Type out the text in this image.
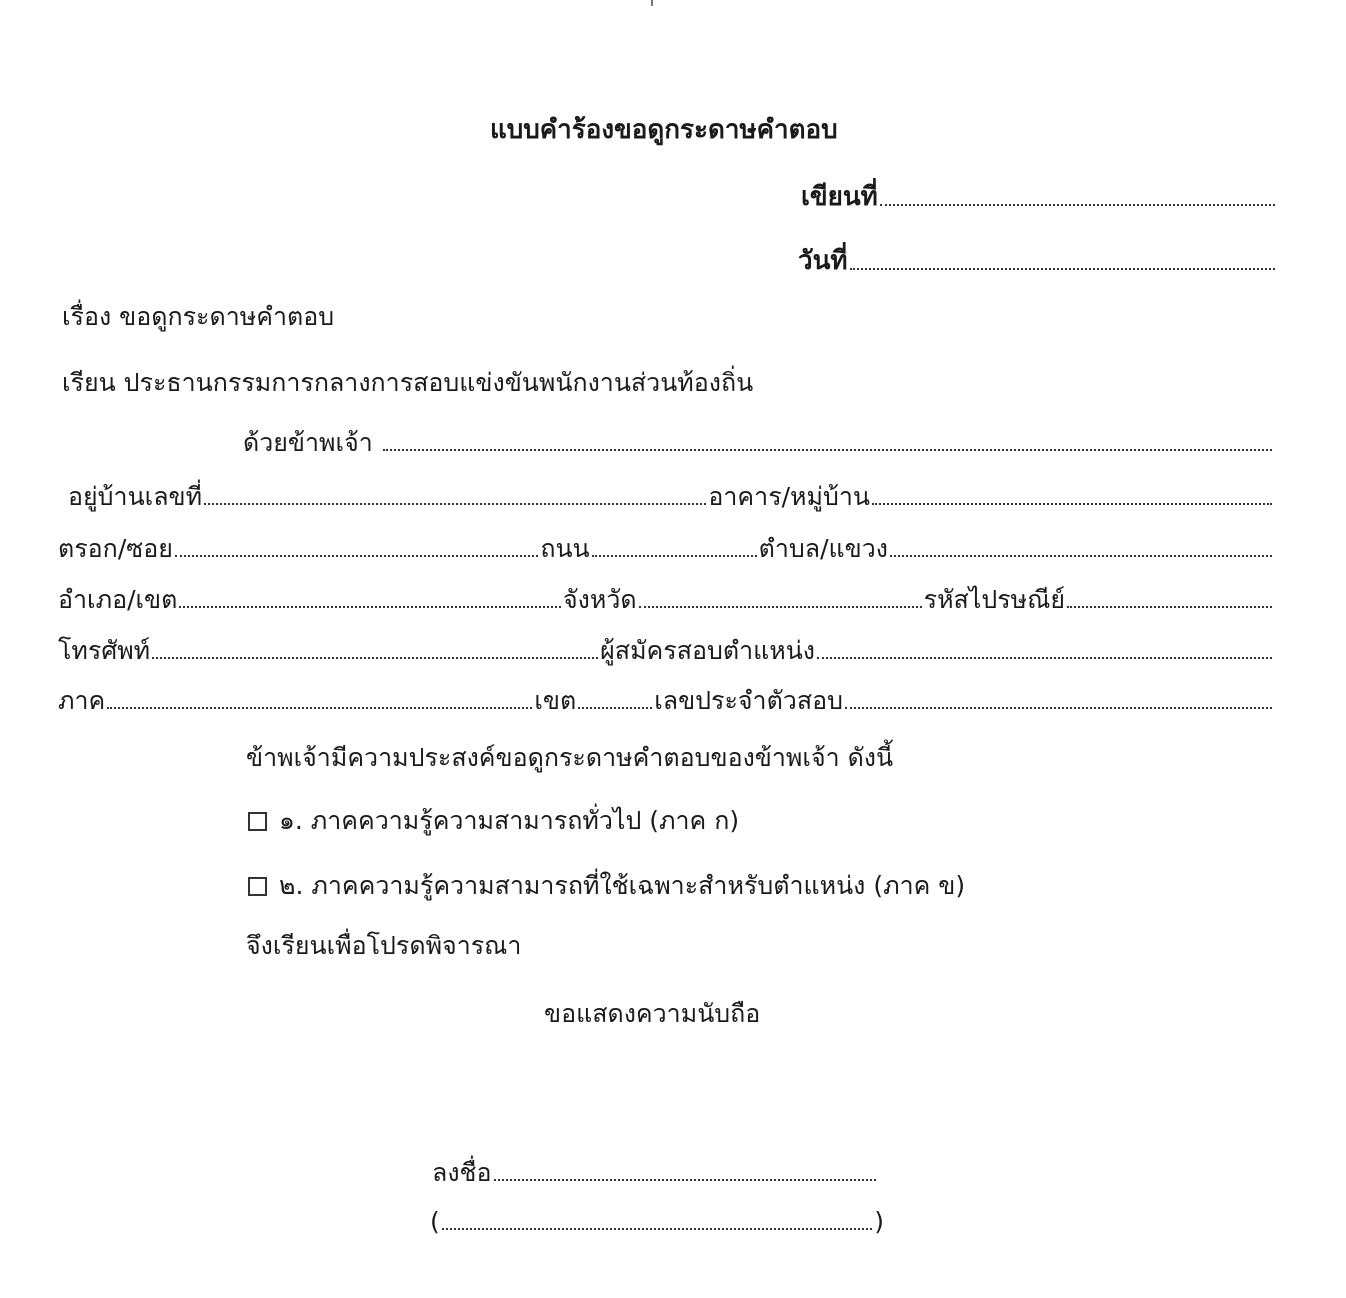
แบบคำร้องขอดูกระดาษคำตอบ
เขียนที่
วันที่
เรื่อง ขอดูกระดาษคำตอบ
เรียน ประธานกรรมการกลางการสอบแข่งขันพนักงานส่วนท้องถิ่น
ด้วยข้าพเจ้า
อยู่บ้านเลขที่	อาคาร/หมู่บ้าน
ตรอก/ซอย	ถนน	ตำบล/แขวง
อำเภอ/เขต	จังหวัด	รหัสไปรษณีย์
โทรศัพท์	ผู้สมัครสอบตำแหน่ง
ภาค	เขต	เลขประจำตัวสอบ
ข้าพเจ้ามีความประสงค์ขอดูกระดาษคำตอบของข้าพเจ้า ดังนี้
๑. ภาคความรู้ความสามารถทั่วไป (ภาค ก)
๒. ภาคความรู้ความสามารถที่ใช้เฉพาะสำหรับตำแหน่ง (ภาค ข)
จึงเรียนเพื่อโปรดพิจารณา
ขอแสดงความนับถือ
ลงชื่อ
(	)
